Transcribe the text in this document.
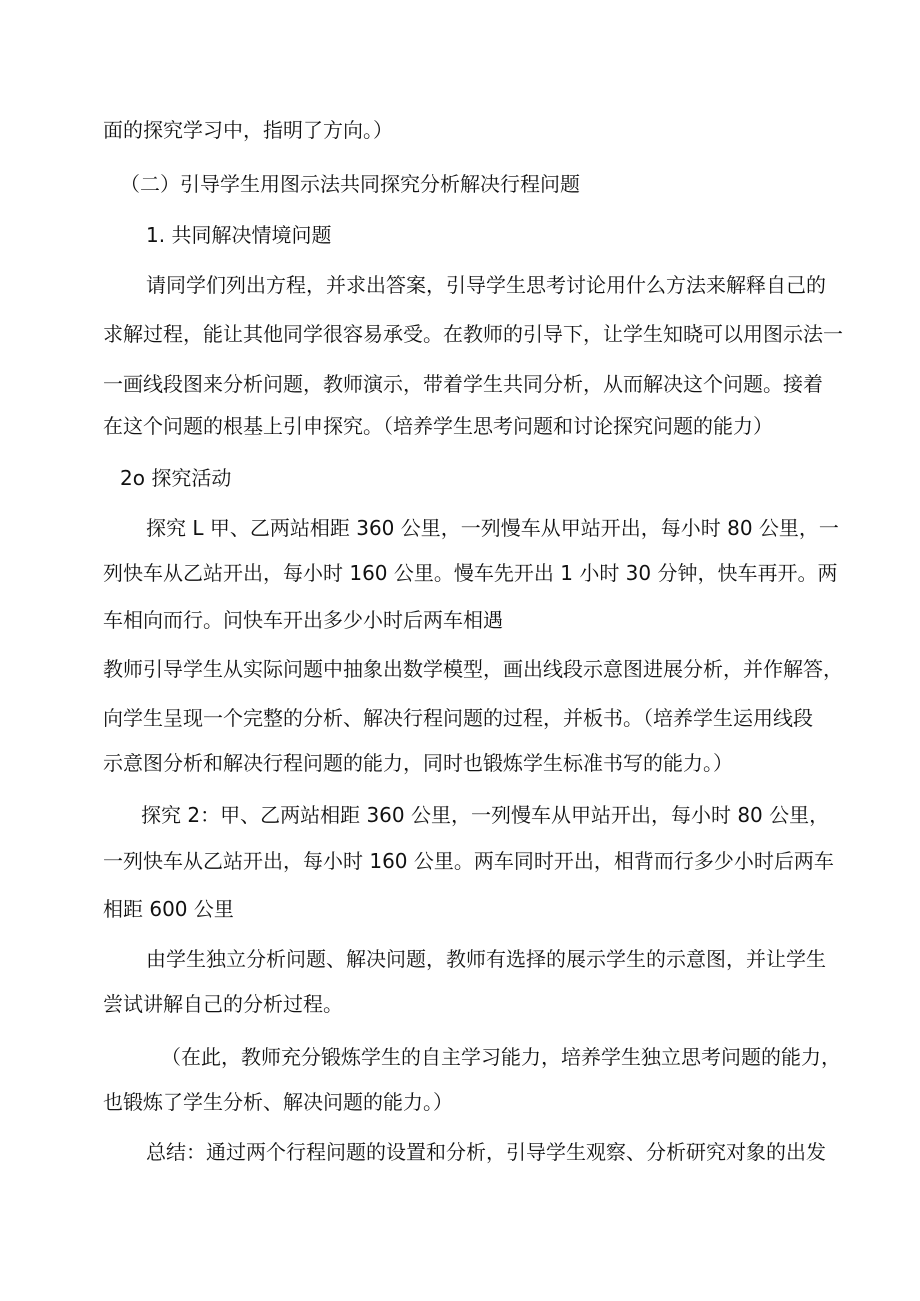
面的探究学习中，指明了方向。）
（二）引导学生用图示法共同探究分析解决行程问题
1. 共同解决情境问题
请同学们列出方程，并求出答案，引导学生思考讨论用什么方法来解释自己的
求解过程，能让其他同学很容易承受。在教师的引导下，让学生知晓可以用图示法一
一画线段图来分析问题，教师演示，带着学生共同分析，从而解决这个问题。接着
在这个问题的根基上引申探究。（培养学生思考问题和讨论探究问题的能力）
2o 探究活动
探究 L 甲、乙两站相距 360 公里，一列慢车从甲站开出，每小时 80 公里，一
列快车从乙站开出，每小时 160 公里。慢车先开出 1 小时 30 分钟，快车再开。两
车相向而行。问快车开出多少小时后两车相遇
教师引导学生从实际问题中抽象出数学模型，画出线段示意图进展分析，并作解答，
向学生呈现一个完整的分析、解决行程问题的过程，并板书。（培养学生运用线段
示意图分析和解决行程问题的能力，同时也锻炼学生标准书写的能力。）
探究 2：甲、乙两站相距 360 公里，一列慢车从甲站开出，每小时 80 公里，
一列快车从乙站开出，每小时 160 公里。两车同时开出，相背而行多少小时后两车
相距 600 公里
由学生独立分析问题、解决问题，教师有选择的展示学生的示意图，并让学生
尝试讲解自己的分析过程。
（在此，教师充分锻炼学生的自主学习能力，培养学生独立思考问题的能力，
也锻炼了学生分析、解决问题的能力。）
总结：通过两个行程问题的设置和分析，引导学生观察、分析研究对象的出发
